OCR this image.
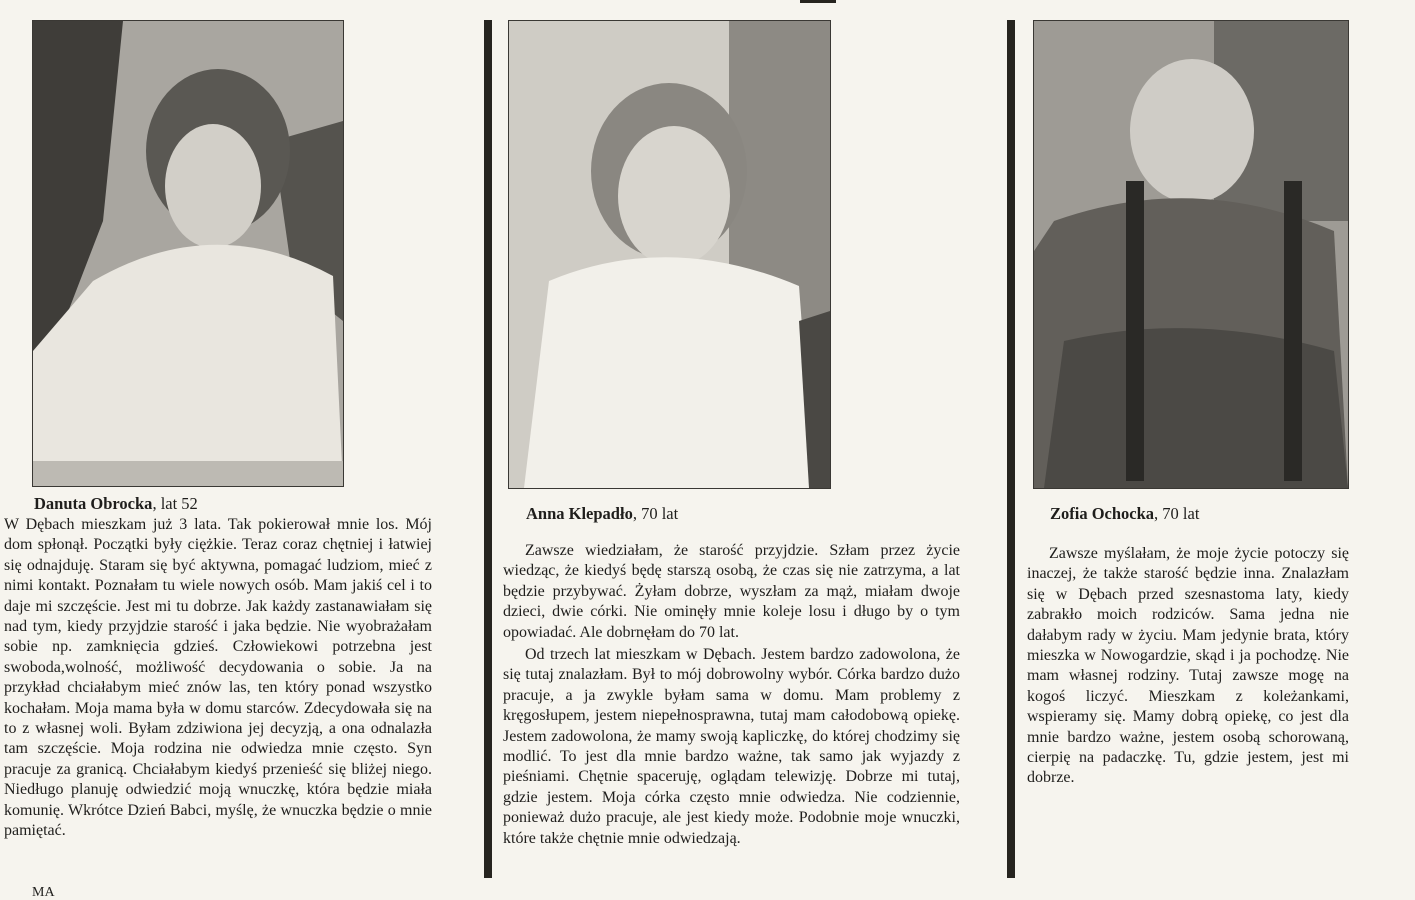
Danuta Obrocka, lat 52

W Dębach mieszkam już 3 lata. Tak pokierował mnie los. Mój dom spłonął. Początki były ciężkie. Teraz coraz chętniej i łatwiej się odnajduję. Staram się być aktywna, pomagać ludziom, mieć z nimi kontakt. Poznałam tu wiele nowych osób. Mam jakiś cel i to daje mi szczęście. Jest mi tu dobrze. Jak każdy zastanawiałam się nad tym, kiedy przyjdzie starość i jaka będzie. Nie wyobrażałam sobie np. zamknięcia gdzieś. Człowiekowi potrzebna jest swoboda,wolność, możliwość decydowania o sobie. Ja na przykład chciałabym mieć znów las, ten który ponad wszystko kochałam. Moja mama była w domu starców. Zdecydowała się na to z własnej woli. Byłam zdziwiona jej decyzją, a ona odnalazła tam szczęście. Moja rodzina nie odwiedza mnie często. Syn pracuje za granicą. Chciałabym kiedyś przenieść się bliżej niego. Niedługo planuję odwiedzić moją wnuczkę, która będzie miała komunię. Wkrótce Dzień Babci, myślę, że wnuczka będzie o mnie pamiętać.

Anna Klepadło, 70 lat

Zawsze wiedziałam, że starość przyjdzie. Szłam przez życie wiedząc, że kiedyś będę starszą osobą, że czas się nie zatrzyma, a lat będzie przybywać. Żyłam dobrze, wyszłam za mąż, miałam dwoje dzieci, dwie córki. Nie ominęły mnie koleje losu i długo by o tym opowiadać. Ale dobrnęłam do 70 lat.

Od trzech lat mieszkam w Dębach. Jestem bardzo zadowolona, że się tutaj znalazłam. Był to mój dobrowolny wybór. Córka bardzo dużo pracuje, a ja zwykle byłam sama w domu. Mam problemy z kręgosłupem, jestem niepełnosprawna, tutaj mam całodobową opiekę. Jestem zadowolona, że mamy swoją kapliczkę, do której chodzimy się modlić. To jest dla mnie bardzo ważne, tak samo jak wyjazdy z pieśniami. Chętnie spaceruję, oglądam telewizję. Dobrze mi tutaj, gdzie jestem. Moja córka często mnie odwiedza. Nie codziennie, ponieważ dużo pracuje, ale jest kiedy może. Podobnie moje wnuczki, które także chętnie mnie odwiedzają.

Zofia Ochocka, 70 lat

Zawsze myślałam, że moje życie potoczy się inaczej, że także starość będzie inna. Znalazłam się w Dębach przed szesnastoma laty, kiedy zabrakło moich rodziców. Sama jedna nie dałabym rady w życiu. Mam jedynie brata, który mieszka w Nowogardzie, skąd i ja pochodzę. Nie mam własnej rodziny. Tutaj zawsze mogę na kogoś liczyć. Mieszkam z koleżankami, wspieramy się. Mamy dobrą opiekę, co jest dla mnie bardzo ważne, jestem osobą schorowaną, cierpię na padaczkę. Tu, gdzie jestem, jest mi dobrze.

MA
